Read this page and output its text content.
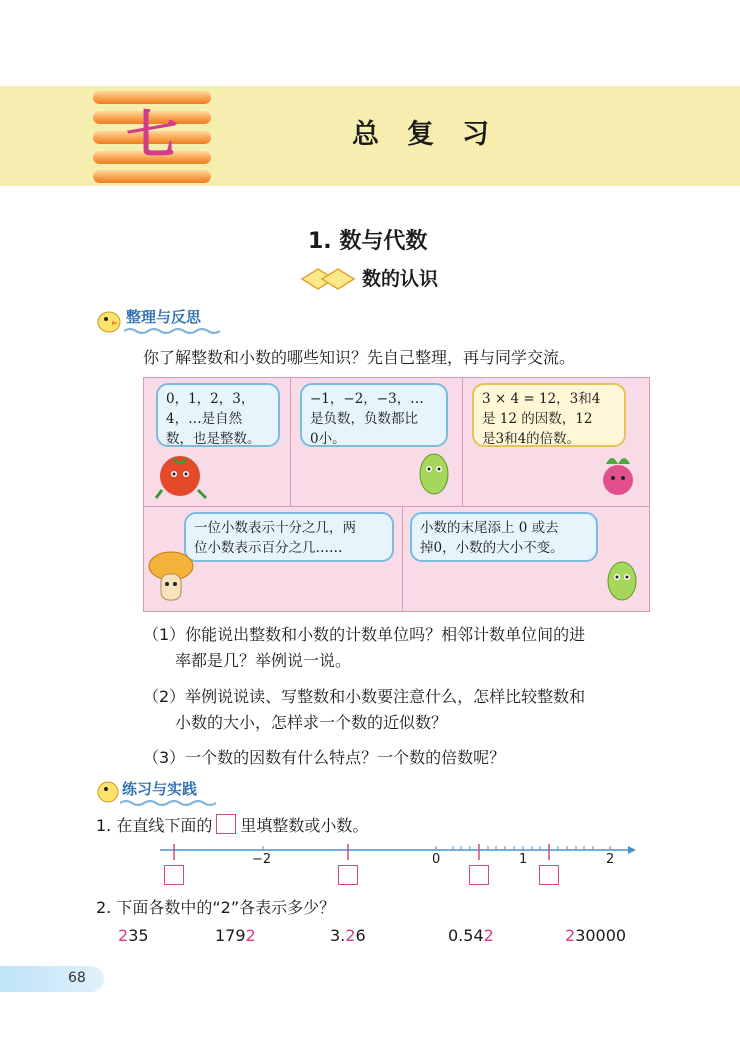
七	总复习
1. 数与代数
数的认识
整理与反思
你了解整数和小数的哪些知识？先自己整理，再与同学交流。
0，1，2，3，
4，…是自然
数，也是整数。
−1，−2，−3，…
是负数，负数都比
0小。
3 × 4 = 12，3和4
是 12 的因数，12
是3和4的倍数。
一位小数表示十分之几，两
位小数表示百分之几……
小数的末尾添上 0 或去
掉0，小数的大小不变。
（1）你能说出整数和小数的计数单位吗？相邻计数单位间的进
率都是几？举例说一说。
（2）举例说说读、写整数和小数要注意什么，怎样比较整数和
小数的大小，怎样求一个数的近似数？
（3）一个数的因数有什么特点？一个数的倍数呢？
练习与实践
1. 在直线下面的 里填整数或小数。
−2	0	1	2
2. 下面各数中的“2”各表示多少？
235	1792	3.26	0.542	230000
68
